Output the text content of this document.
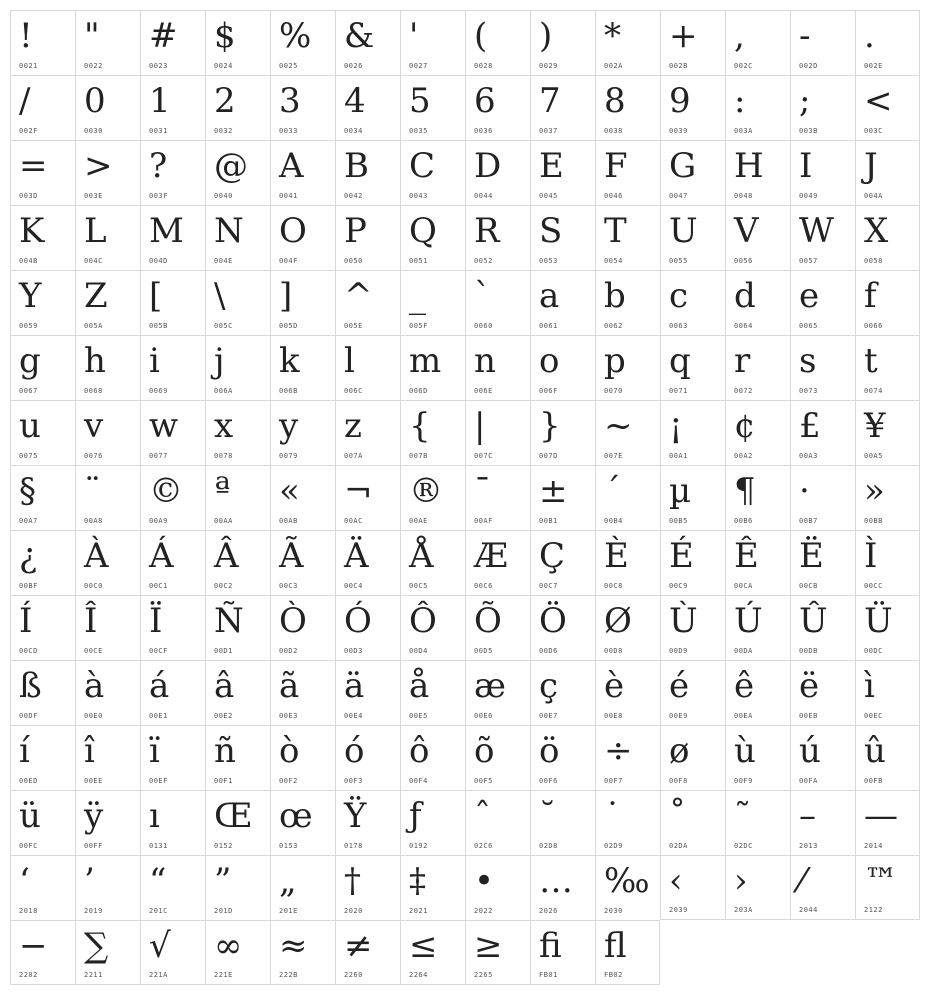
!
0021
"
0022
#
0023
$
0024
%
0025
&
0026
'
0027
(
0028
)
0029
*
002A
+
002B
,
002C
-
002D
.
002E
/
002F
0
0030
1
0031
2
0032
3
0033
4
0034
5
0035
6
0036
7
0037
8
0038
9
0039
:
003A
;
003B
<
003C
=
003D
>
003E
?
003F
@
0040
A
0041
B
0042
C
0043
D
0044
E
0045
F
0046
G
0047
H
0048
I
0049
J
004A
K
004B
L
004C
M
004D
N
004E
O
004F
P
0050
Q
0051
R
0052
S
0053
T
0054
U
0055
V
0056
W
0057
X
0058
Y
0059
Z
005A
[
005B
\
005C
]
005D
^
005E
_
005F
`
0060
a
0061
b
0062
c
0063
d
0064
e
0065
f
0066
g
0067
h
0068
i
0069
j
006A
k
006B
l
006C
m
006D
n
006E
o
006F
p
0070
q
0071
r
0072
s
0073
t
0074
u
0075
v
0076
w
0077
x
0078
y
0079
z
007A
{
007B
|
007C
}
007D
~
007E
¡
00A1
¢
00A2
£
00A3
¥
00A5
§
00A7
¨
00A8
©
00A9
ª
00AA
«
00AB
¬
00AC
®
00AE
¯
00AF
±
00B1
´
00B4
µ
00B5
¶
00B6
·
00B7
»
00BB
¿
00BF
À
00C0
Á
00C1
Â
00C2
Ã
00C3
Ä
00C4
Å
00C5
Æ
00C6
Ç
00C7
È
00C8
É
00C9
Ê
00CA
Ë
00CB
Ì
00CC
Í
00CD
Î
00CE
Ï
00CF
Ñ
00D1
Ò
00D2
Ó
00D3
Ô
00D4
Õ
00D5
Ö
00D6
Ø
00D8
Ù
00D9
Ú
00DA
Û
00DB
Ü
00DC
ß
00DF
à
00E0
á
00E1
â
00E2
ã
00E3
ä
00E4
å
00E5
æ
00E6
ç
00E7
è
00E8
é
00E9
ê
00EA
ë
00EB
ì
00EC
í
00ED
î
00EE
ï
00EF
ñ
00F1
ò
00F2
ó
00F3
ô
00F4
õ
00F5
ö
00F6
÷
00F7
ø
00F8
ù
00F9
ú
00FA
û
00FB
ü
00FC
ÿ
00FF
ı
0131
Œ
0152
œ
0153
Ÿ
0178
ƒ
0192
ˆ
02C6
˘
02D8
˙
02D9
˚
02DA
˜
02DC
–
2013
—
2014
‘
2018
’
2019
“
201C
”
201D
„
201E
†
2020
‡
2021
•
2022
…
2026
‰
2030
‹
2039
›
203A
⁄
2044
™
2122
−
2202
∑
2211
√
221A
∞
221E
≈
222B
≠
2260
≤
2264
≥
2265
ﬁ
FB01
ﬂ
FB02
